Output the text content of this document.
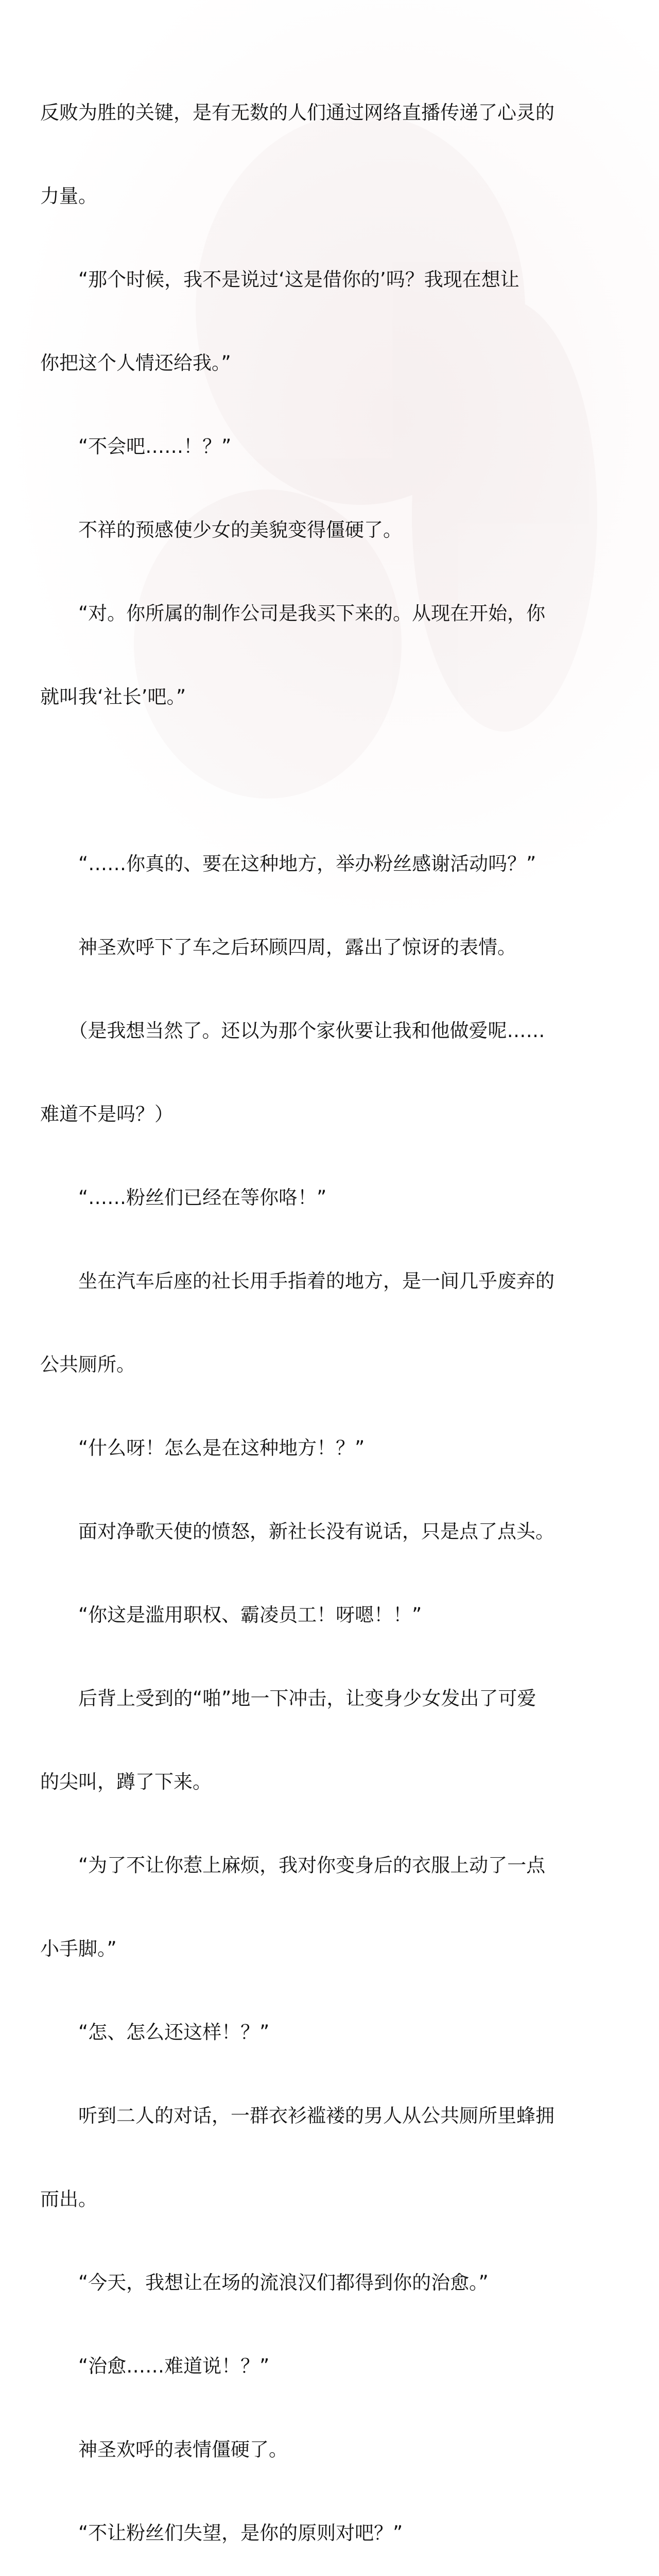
反败为胜的关键，是有无数的人们通过网络直播传递了心灵的

力量。

　　“那个时候，我不是说过‘这是借你的’吗？我现在想让

你把这个人情还给我。”

　　“不会吧……！？”

　　不祥的预感使少女的美貌变得僵硬了。

　　“对。你所属的制作公司是我买下来的。从现在开始，你

就叫我‘社长’吧。”

　　“……你真的、要在这种地方，举办粉丝感谢活动吗？”

　　神圣欢呼下了车之后环顾四周，露出了惊讶的表情。

　　（是我想当然了。还以为那个家伙要让我和他做爱呢……

难道不是吗？）

　　“……粉丝们已经在等你咯！”

　　坐在汽车后座的社长用手指着的地方，是一间几乎废弃的

公共厕所。

　　“什么呀！怎么是在这种地方！？”

　　面对净歌天使的愤怒，新社长没有说话，只是点了点头。

　　“你这是滥用职权、霸凌员工！呀嗯！！”

　　后背上受到的“啪”地一下冲击，让变身少女发出了可爱

的尖叫，蹲了下来。

　　“为了不让你惹上麻烦，我对你变身后的衣服上动了一点

小手脚。”

　　“怎、怎么还这样！？”

　　听到二人的对话，一群衣衫褴褛的男人从公共厕所里蜂拥

而出。

　　“今天，我想让在场的流浪汉们都得到你的治愈。”

　　“治愈……难道说！？”

　　神圣欢呼的表情僵硬了。

　　“不让粉丝们失望，是你的原则对吧？”
